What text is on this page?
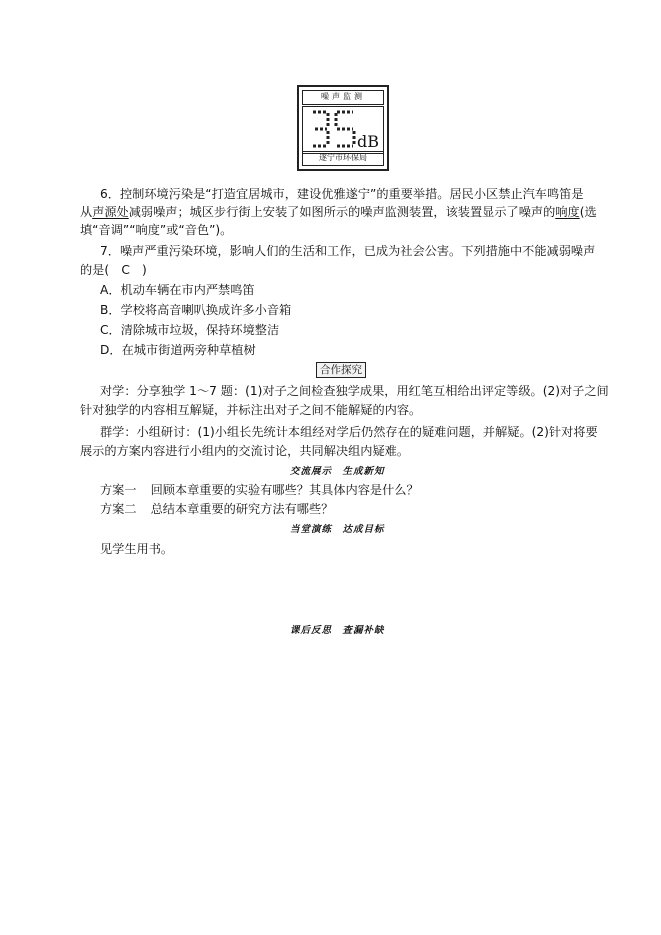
噪声监测
dB
遂宁市环保局
6．控制环境污染是“打造宜居城市，建设优雅遂宁”的重要举措。居民小区禁止汽车鸣笛是
从声源处减弱噪声；城区步行街上安装了如图所示的噪声监测装置，该装置显示了噪声的响度(选
填“音调”“响度”或“音色”)。
7．噪声严重污染环境，影响人们的生活和工作，已成为社会公害。下列措施中不能减弱噪声
的是(　C　)
A．机动车辆在市内严禁鸣笛
B．学校将高音喇叭换成许多小音箱
C．清除城市垃圾，保持环境整洁
D．在城市街道两旁种草植树
合作探究
对学：分享独学 1～7 题：(1)对子之间检查独学成果，用红笔互相给出评定等级。(2)对子之间
针对独学的内容相互解疑，并标注出对子之间不能解疑的内容。
群学：小组研讨：(1)小组长先统计本组经对学后仍然存在的疑难问题，并解疑。(2)针对将要
展示的方案内容进行小组内的交流讨论，共同解决组内疑难。
交流展示　生成新知
方案一 回顾本章重要的实验有哪些？其具体内容是什么？
方案二 总结本章重要的研究方法有哪些？
当堂演练　达成目标
见学生用书。
课后反思　查漏补缺
